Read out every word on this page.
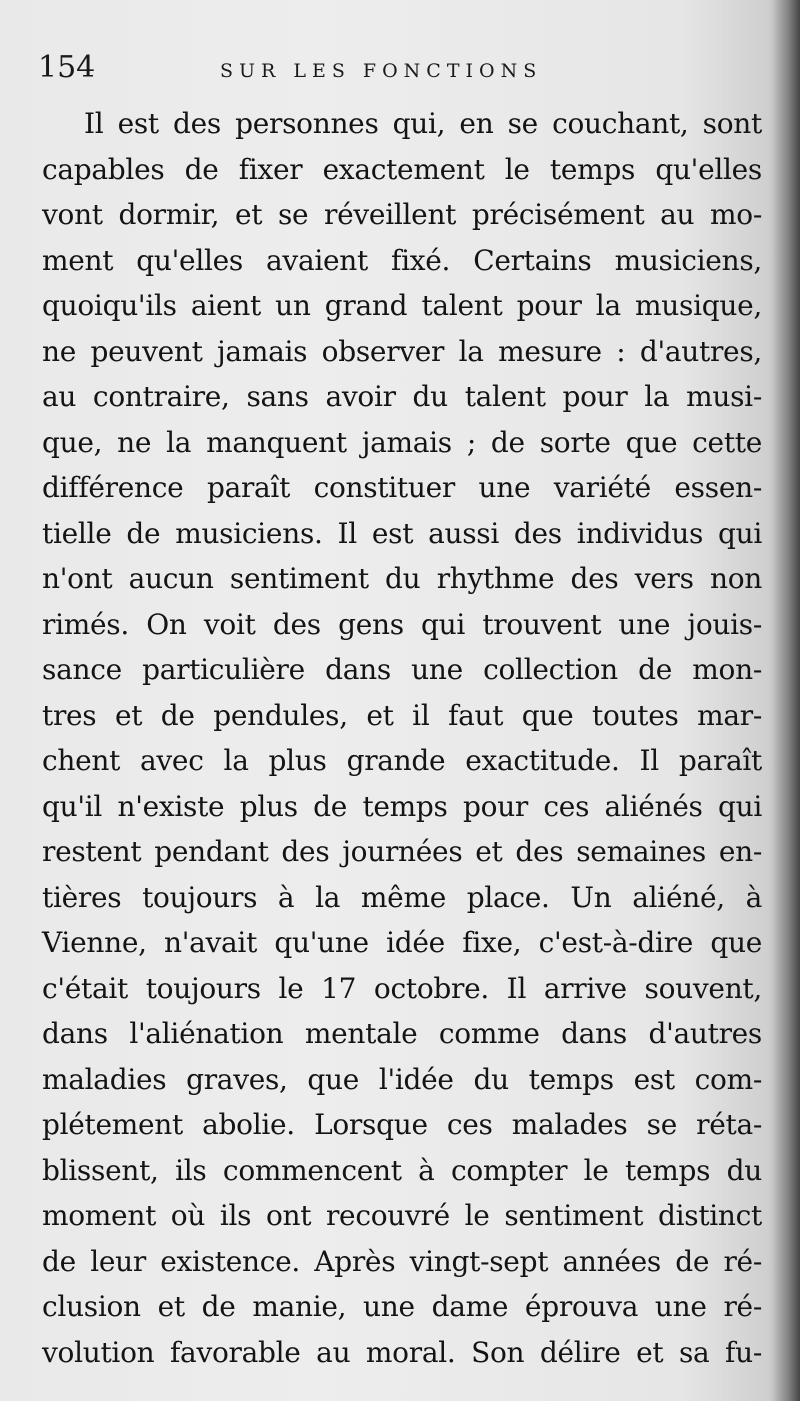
154	SUR LES FONCTIONS
Il est des personnes qui, en se couchant, sont
capables de fixer exactement le temps qu'elles
vont dormir, et se réveillent précisément au mo-
ment qu'elles avaient fixé. Certains musiciens,
quoiqu'ils aient un grand talent pour la musique,
ne peuvent jamais observer la mesure : d'autres,
au contraire, sans avoir du talent pour la musi-
que, ne la manquent jamais ; de sorte que cette
différence paraît constituer une variété essen-
tielle de musiciens. Il est aussi des individus qui
n'ont aucun sentiment du rhythme des vers non
rimés. On voit des gens qui trouvent une jouis-
sance particulière dans une collection de mon-
tres et de pendules, et il faut que toutes mar-
chent avec la plus grande exactitude. Il paraît
qu'il n'existe plus de temps pour ces aliénés qui
restent pendant des journées et des semaines en-
tières toujours à la même place. Un aliéné, à
Vienne, n'avait qu'une idée fixe, c'est-à-dire que
c'était toujours le 17 octobre. Il arrive souvent,
dans l'aliénation mentale comme dans d'autres
maladies graves, que l'idée du temps est com-
plétement abolie. Lorsque ces malades se réta-
blissent, ils commencent à compter le temps du
moment où ils ont recouvré le sentiment distinct
de leur existence. Après vingt-sept années de ré-
clusion et de manie, une dame éprouva une ré-
volution favorable au moral. Son délire et sa fu-
